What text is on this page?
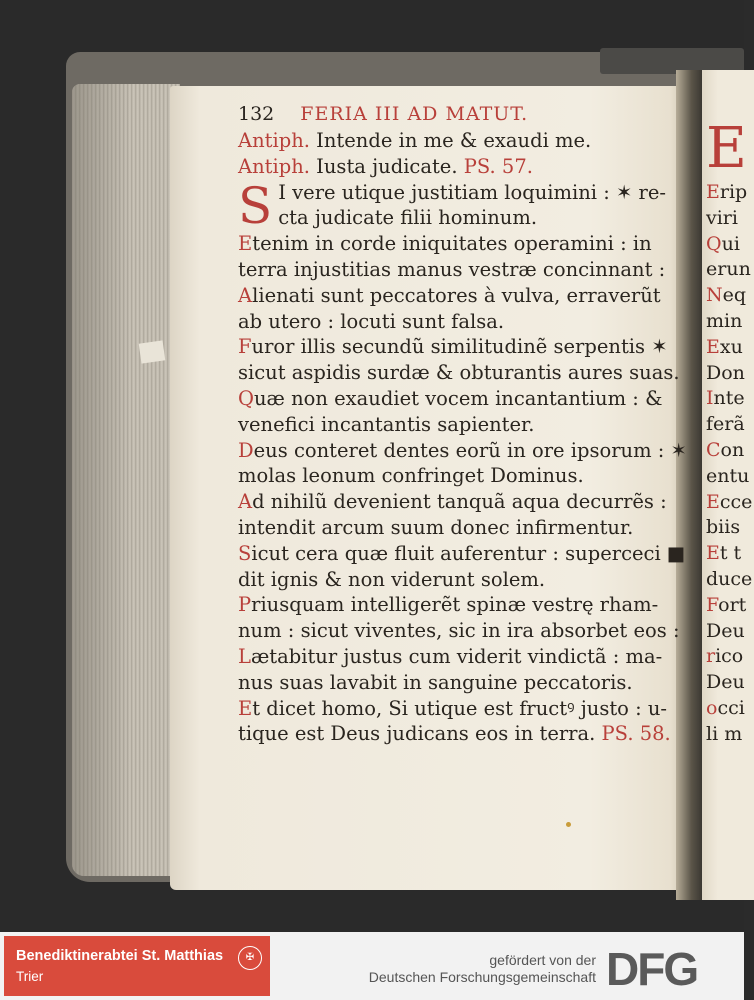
132 FERIA III AD MATUT.
Antiph. Intende in me & exaudi me.
Antiph. Iusta judicate. PS. 57.
S I vere utique justitiam loquimini : ✶ re-
cta judicate filii hominum.
Etenim in corde iniquitates operamini : in
terra injustitias manus vestræ concinnant :
Alienati sunt peccatores à vulva, erraverũt
ab utero : locuti sunt falsa.
Furor illis secundũ similitudinẽ serpentis ✶
sicut aspidis surdæ & obturantis aures suas.
Quæ non exaudiet vocem incantantium : &
venefici incantantis sapienter.
Deus conteret dentes eorũ in ore ipsorum : ✶
molas leonum confringet Dominus.
Ad nihilũ devenient tanquã aqua decurrẽs :
intendit arcum suum donec infirmentur.
Sicut cera quæ fluit auferentur : superceci ■
dit ignis & non viderunt solem.
Priusquam intelligerẽt spinæ vestrę rham-
num : sicut viventes, sic in ira absorbet eos :
Lætabitur justus cum viderit vindictã : ma-
nus suas lavabit in sanguine peccatoris.
Et dicet homo, Si utique est fructꝰ justo : u-
tique est Deus judicans eos in terra. PS. 58.
E
Erip
viri
Qui
erun
Neq
min
Exu
Don
Inte
ferã
Con
entu
Ecce
biis
Et t
duce
Fort
Deu
rico
Deu
occi
li m
Benediktinerabtei St. Matthias
Trier
✠	gefördert von der
Deutschen Forschungsgemeinschaft DFG
